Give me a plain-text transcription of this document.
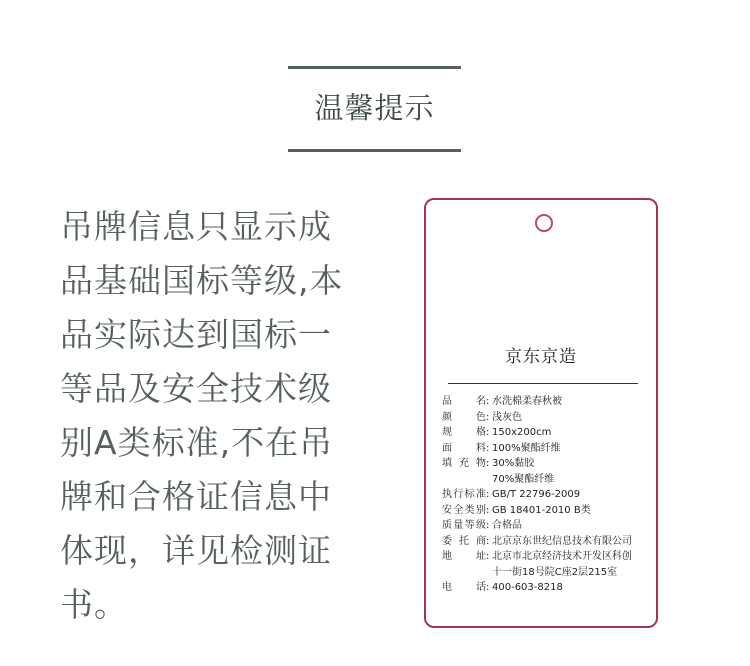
温馨提示
吊牌信息只显示成
品基础国标等级,本
品实际达到国标一
等品及安全技术级
别A类标准,不在吊
牌和合格证信息中
体现，详见检测证
书。
京东京造
品名 : 水洗棉柔春秋被
颜色 : 浅灰色
规格 : 150x200cm
面料 : 100%聚酯纤维
填充物 : 30%黏胶
70%聚酯纤维
执行标准 : GB/T 22796-2009
安全类别 : GB 18401-2010 B类
质量等级 : 合格品
委托商 : 北京京东世纪信息技术有限公司
地址 : 北京市北京经济技术开发区科创
十一街18号院C座2层215室
电话 : 400-603-8218
